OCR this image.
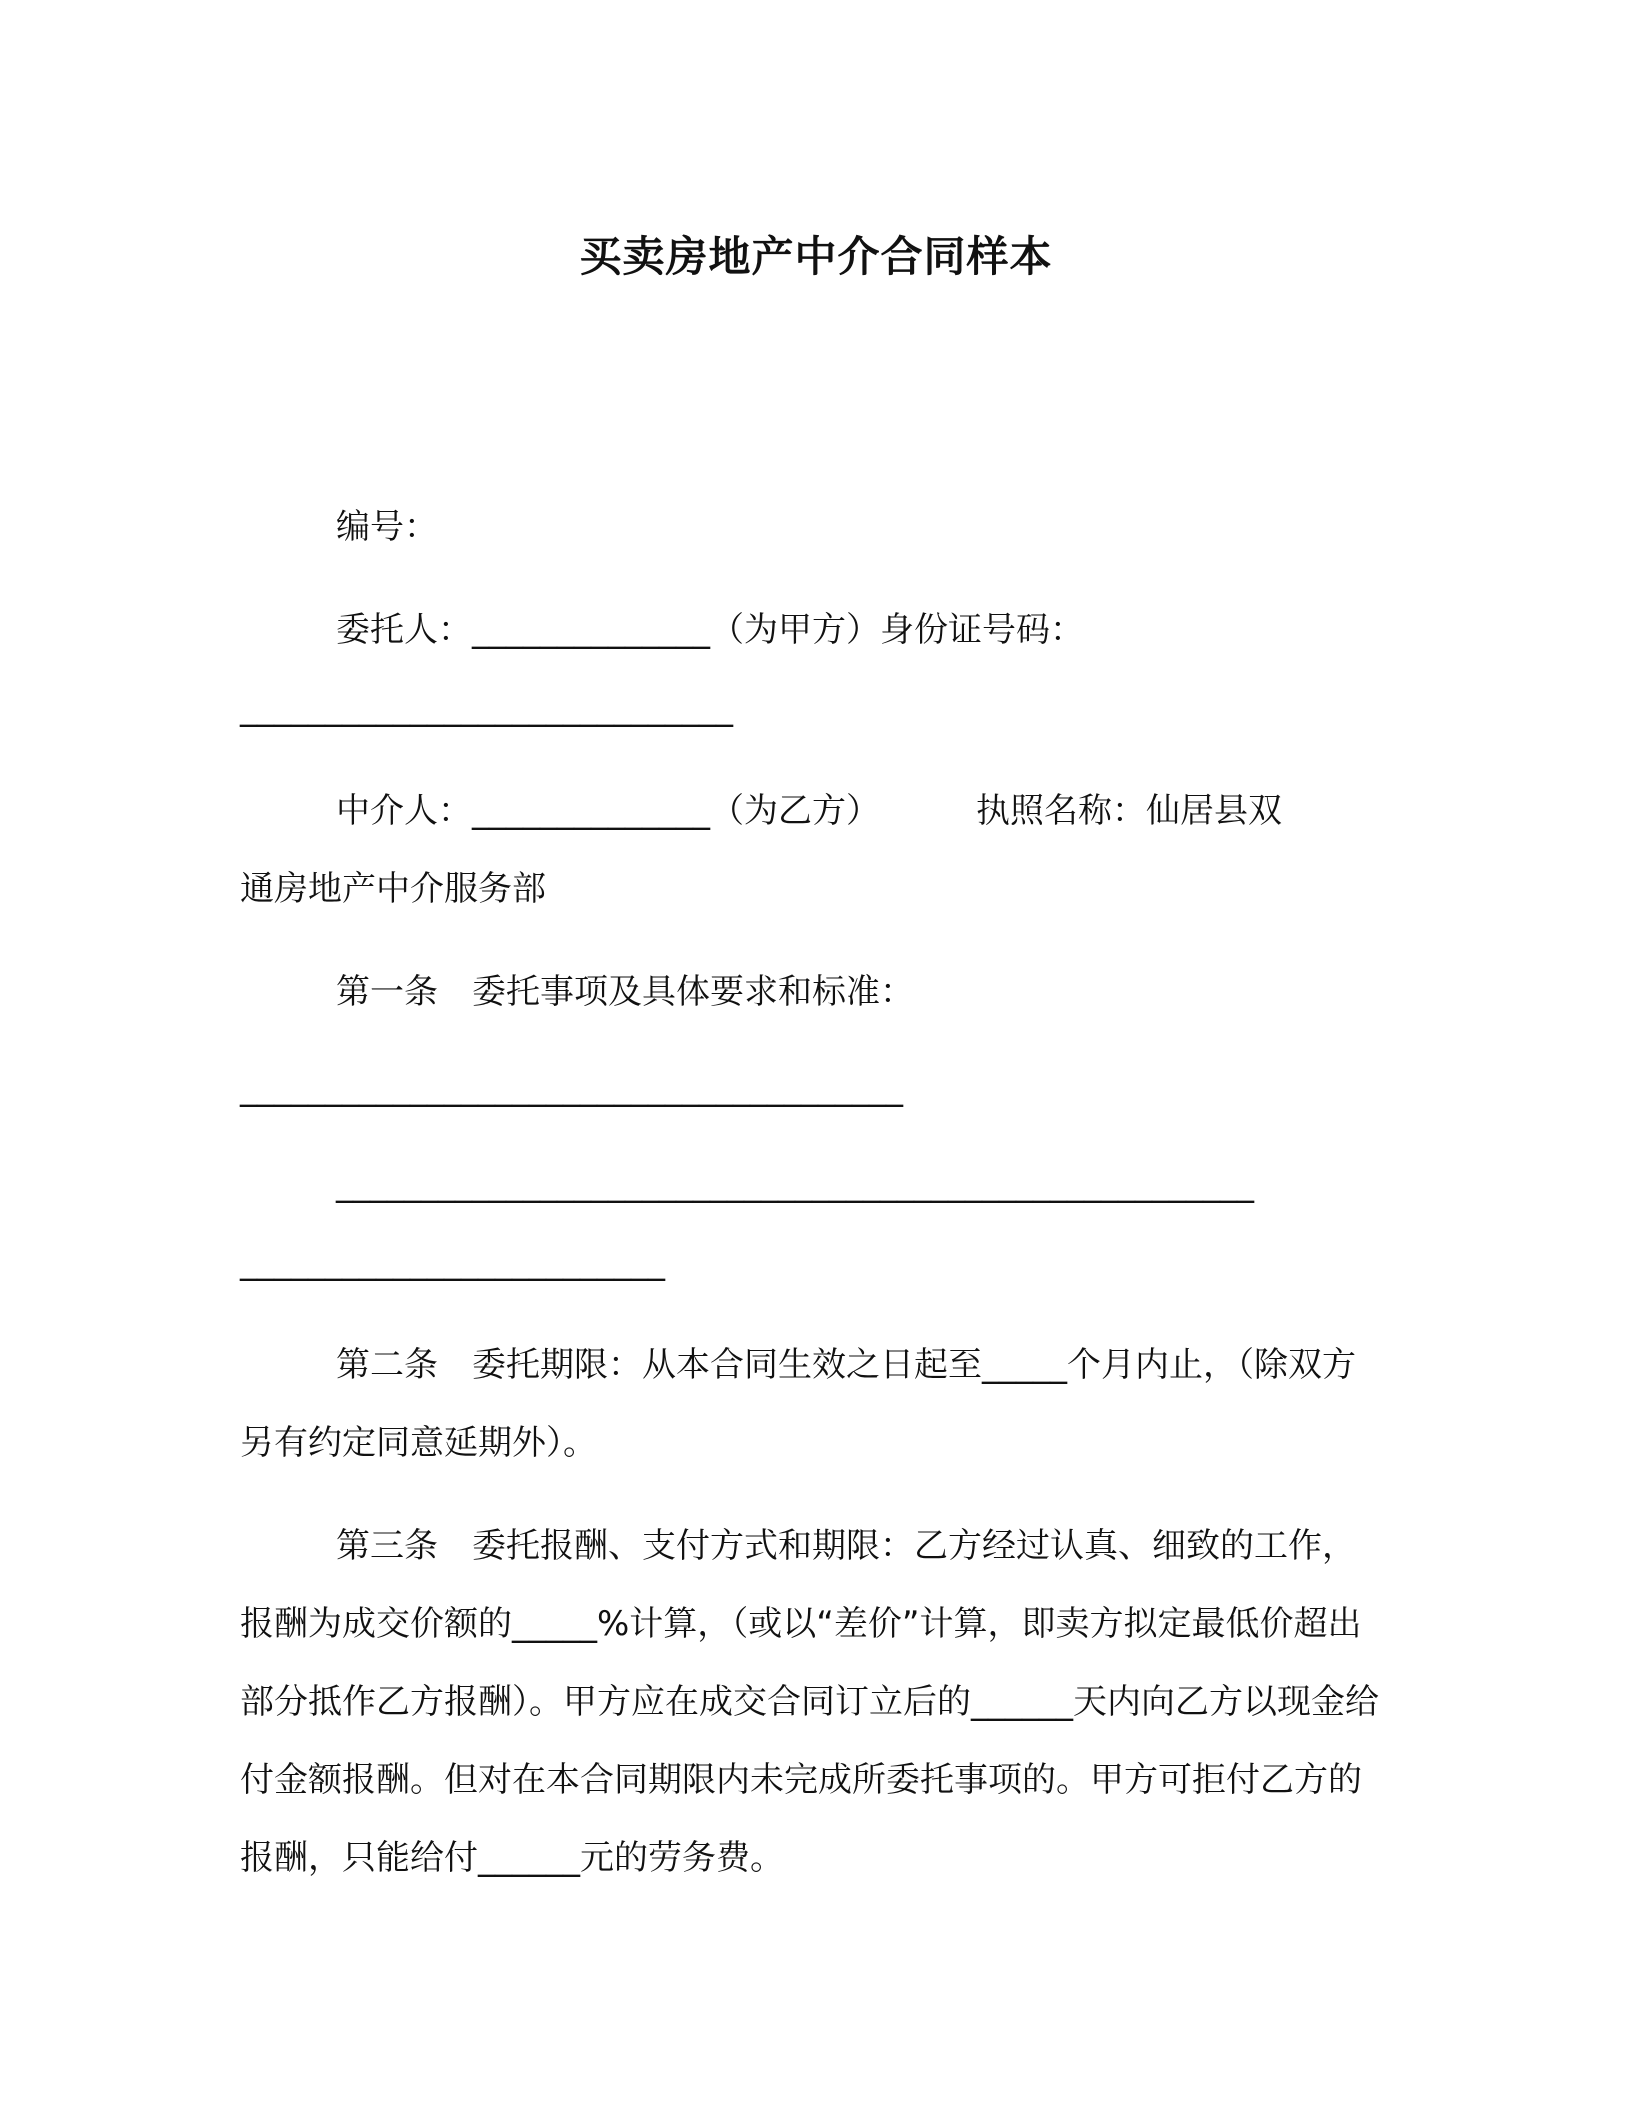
买卖房地产中介合同样本

编号：

委托人：______________（为甲方）身份证号码：

_____________________________

中介人：______________（为乙方）	执照名称：仙居县双

通房地产中介服务部

第一条　委托事项及具体要求和标准：

_______________________________________

______________________________________________________

_________________________

第二条　委托期限：从本合同生效之日起至_____个月内止，（除双方另有约定同意延期外）。

第三条　委托报酬、支付方式和期限：乙方经过认真、细致的工作，报酬为成交价额的_____%计算，（或以“差价”计算，即卖方拟定最低价超出部分抵作乙方报酬）。甲方应在成交合同订立后的______天内向乙方以现金给付金额报酬。但对在本合同期限内未完成所委托事项的。甲方可拒付乙方的报酬，只能给付______元的劳务费。
